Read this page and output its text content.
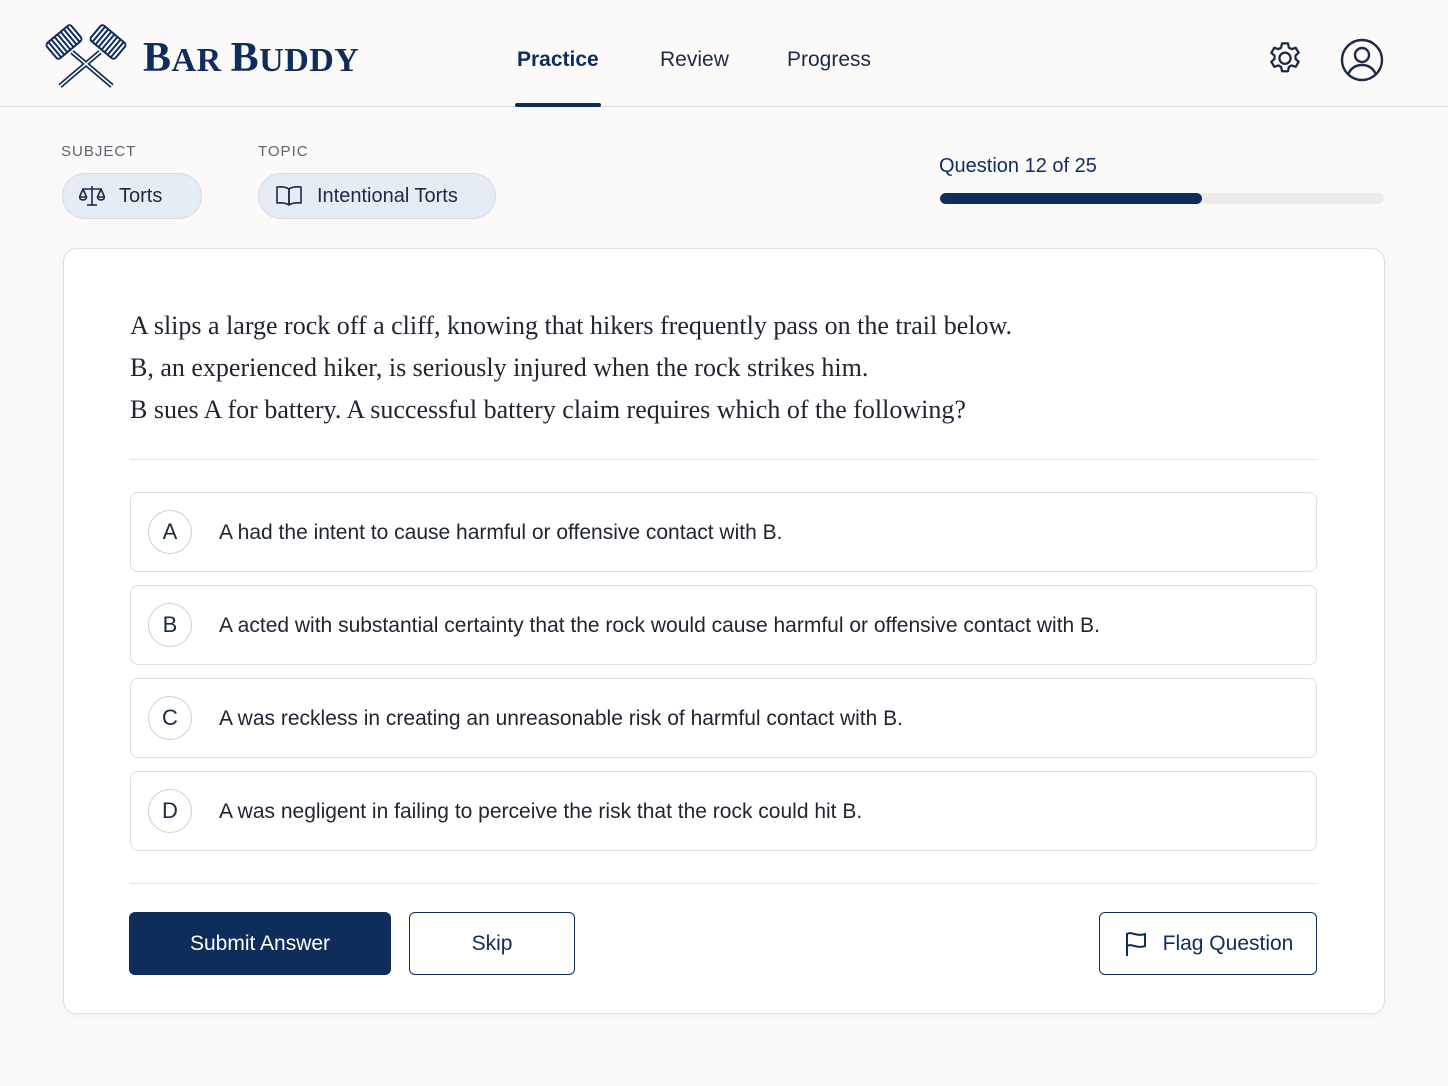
BAR BUDDY	Practice	Review	Progress
SUBJECT
Torts
TOPIC
Intentional Torts
Question 12 of 25
A slips a large rock off a cliff, knowing that hikers frequently pass on the trail below.
B, an experienced hiker, is seriously injured when the rock strikes him.
B sues A for battery. A successful battery claim requires which of the following?
A	A had the intent to cause harmful or offensive contact with B.
B	A acted with substantial certainty that the rock would cause harmful or offensive contact with B.
C	A was reckless in creating an unreasonable risk of harmful contact with B.
D	A was negligent in failing to perceive the risk that the rock could hit B.
Submit Answer	Skip	Flag Question
